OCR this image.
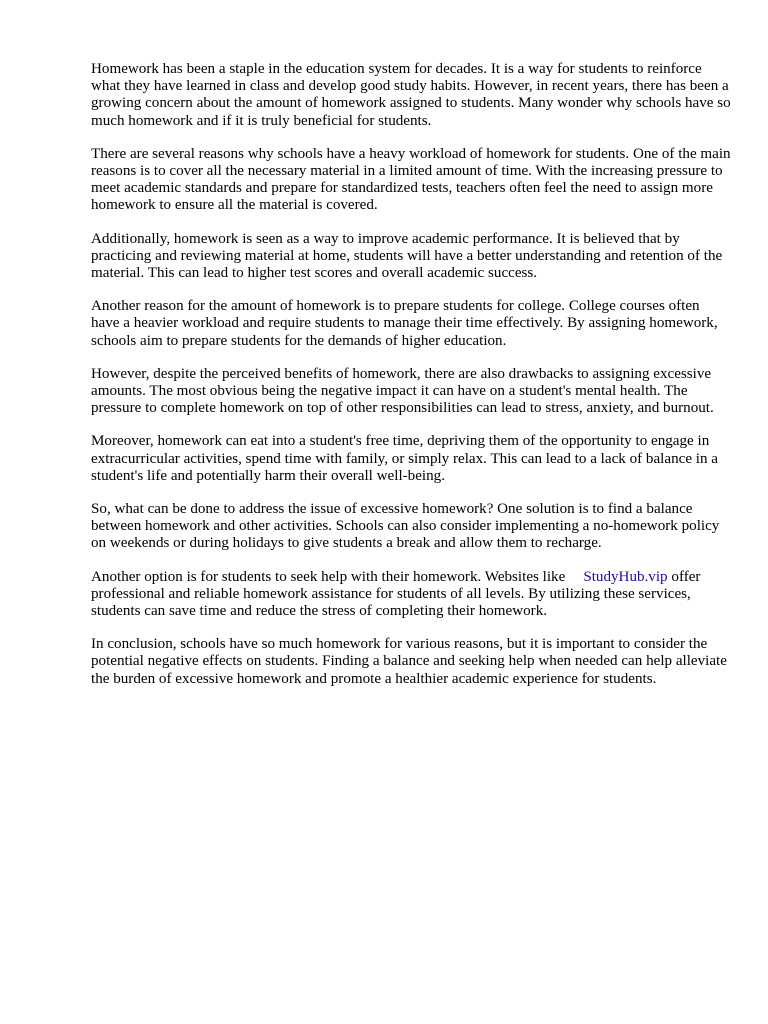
Homework has been a staple in the education system for decades. It is a way for students to reinforce what they have learned in class and develop good study habits. However, in recent years, there has been a growing concern about the amount of homework assigned to students. Many wonder why schools have so much homework and if it is truly beneficial for students.

There are several reasons why schools have a heavy workload of homework for students. One of the main reasons is to cover all the necessary material in a limited amount of time. With the increasing pressure to meet academic standards and prepare for standardized tests, teachers often feel the need to assign more homework to ensure all the material is covered.

Additionally, homework is seen as a way to improve academic performance. It is believed that by practicing and reviewing material at home, students will have a better understanding and retention of the material. This can lead to higher test scores and overall academic success.

Another reason for the amount of homework is to prepare students for college. College courses often have a heavier workload and require students to manage their time effectively. By assigning homework, schools aim to prepare students for the demands of higher education.

However, despite the perceived benefits of homework, there are also drawbacks to assigning excessive amounts. The most obvious being the negative impact it can have on a student's mental health. The pressure to complete homework on top of other responsibilities can lead to stress, anxiety, and burnout.

Moreover, homework can eat into a student's free time, depriving them of the opportunity to engage in extracurricular activities, spend time with family, or simply relax. This can lead to a lack of balance in a student's life and potentially harm their overall well-being.

So, what can be done to address the issue of excessive homework? One solution is to find a balance between homework and other activities. Schools can also consider implementing a no-homework policy on weekends or during holidays to give students a break and allow them to recharge.

Another option is for students to seek help with their homework. Websites like StudyHub.vip offer professional and reliable homework assistance for students of all levels. By utilizing these services, students can save time and reduce the stress of completing their homework.

In conclusion, schools have so much homework for various reasons, but it is important to consider the potential negative effects on students. Finding a balance and seeking help when needed can help alleviate the burden of excessive homework and promote a healthier academic experience for students.
